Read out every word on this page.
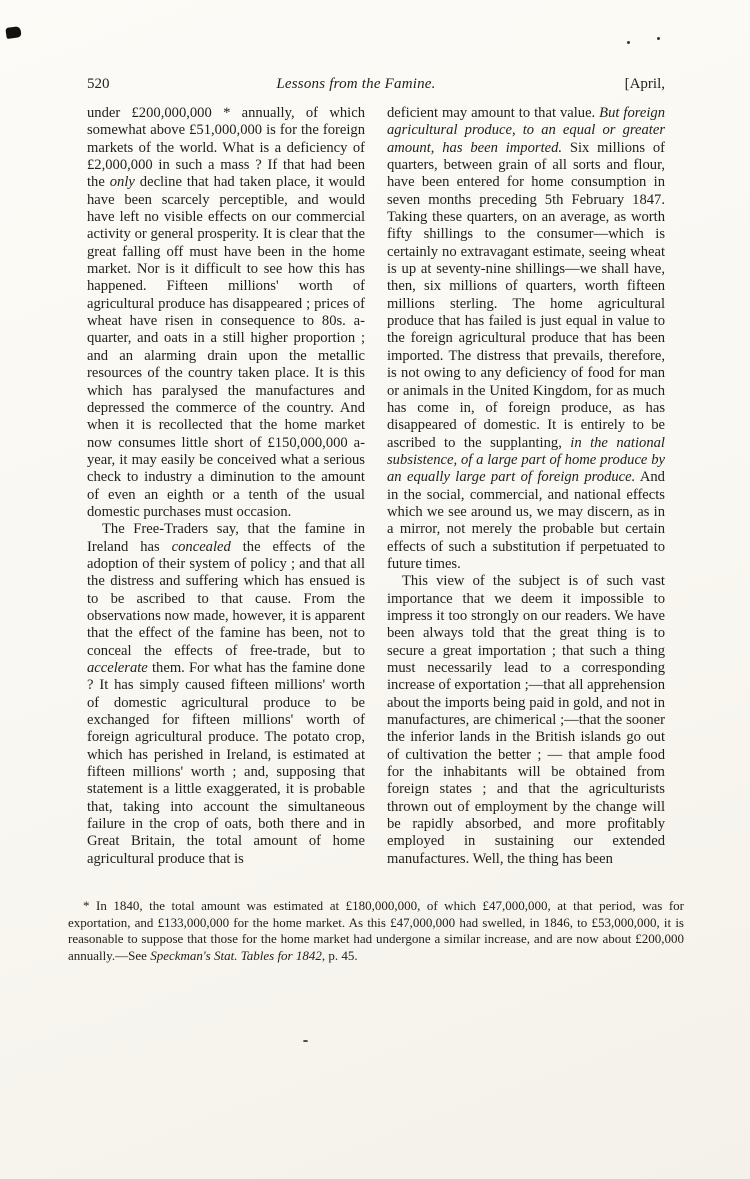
520	Lessons from the Famine.	[April,

under £200,000,000 * annually, of which somewhat above £51,000,000 is for the foreign markets of the world. What is a deficiency of £2,000,000 in such a mass ? If that had been the only decline that had taken place, it would have been scarcely perceptible, and would have left no visible effects on our commercial activity or general prosperity. It is clear that the great falling off must have been in the home market. Nor is it difficult to see how this has happened. Fifteen millions' worth of agricultural produce has disappeared ; prices of wheat have risen in consequence to 80s. a-quarter, and oats in a still higher proportion ; and an alarming drain upon the metallic resources of the country taken place. It is this which has paralysed the manufactures and depressed the commerce of the country. And when it is recollected that the home market now consumes little short of £150,000,000 a-year, it may easily be conceived what a serious check to industry a diminution to the amount of even an eighth or a tenth of the usual domestic purchases must occasion.

The Free-Traders say, that the famine in Ireland has concealed the effects of the adoption of their system of policy ; and that all the distress and suffering which has ensued is to be ascribed to that cause. From the observations now made, however, it is apparent that the effect of the famine has been, not to conceal the effects of free-trade, but to accelerate them. For what has the famine done ? It has simply caused fifteen millions' worth of domestic agricultural produce to be exchanged for fifteen millions' worth of foreign agricultural produce. The potato crop, which has perished in Ireland, is estimated at fifteen millions' worth ; and, supposing that statement is a little exaggerated, it is probable that, taking into account the simultaneous failure in the crop of oats, both there and in Great Britain, the total amount of home agricultural produce that is

deficient may amount to that value. But foreign agricultural produce, to an equal or greater amount, has been imported. Six millions of quarters, between grain of all sorts and flour, have been entered for home consumption in seven months preceding 5th February 1847. Taking these quarters, on an average, as worth fifty shillings to the consumer—which is certainly no extravagant estimate, seeing wheat is up at seventy-nine shillings—we shall have, then, six millions of quarters, worth fifteen millions sterling. The home agricultural produce that has failed is just equal in value to the foreign agricultural produce that has been imported. The distress that prevails, therefore, is not owing to any deficiency of food for man or animals in the United Kingdom, for as much has come in, of foreign produce, as has disappeared of domestic. It is entirely to be ascribed to the supplanting, in the national subsistence, of a large part of home produce by an equally large part of foreign produce. And in the social, commercial, and national effects which we see around us, we may discern, as in a mirror, not merely the probable but certain effects of such a substitution if perpetuated to future times.

This view of the subject is of such vast importance that we deem it impossible to impress it too strongly on our readers. We have been always told that the great thing is to secure a great importation ; that such a thing must necessarily lead to a corresponding increase of exportation ;—that all apprehension about the imports being paid in gold, and not in manufactures, are chimerical ;—that the sooner the inferior lands in the British islands go out of cultivation the better ; — that ample food for the inhabitants will be obtained from foreign states ; and that the agriculturists thrown out of employment by the change will be rapidly absorbed, and more profitably employed in sustaining our extended manufactures. Well, the thing has been

* In 1840, the total amount was estimated at £180,000,000, of which £47,000,000, at that period, was for exportation, and £133,000,000 for the home market. As this £47,000,000 had swelled, in 1846, to £53,000,000, it is reasonable to suppose that those for the home market had undergone a similar increase, and are now about £200,000 annually.—See Speckman's Stat. Tables for 1842, p. 45.
